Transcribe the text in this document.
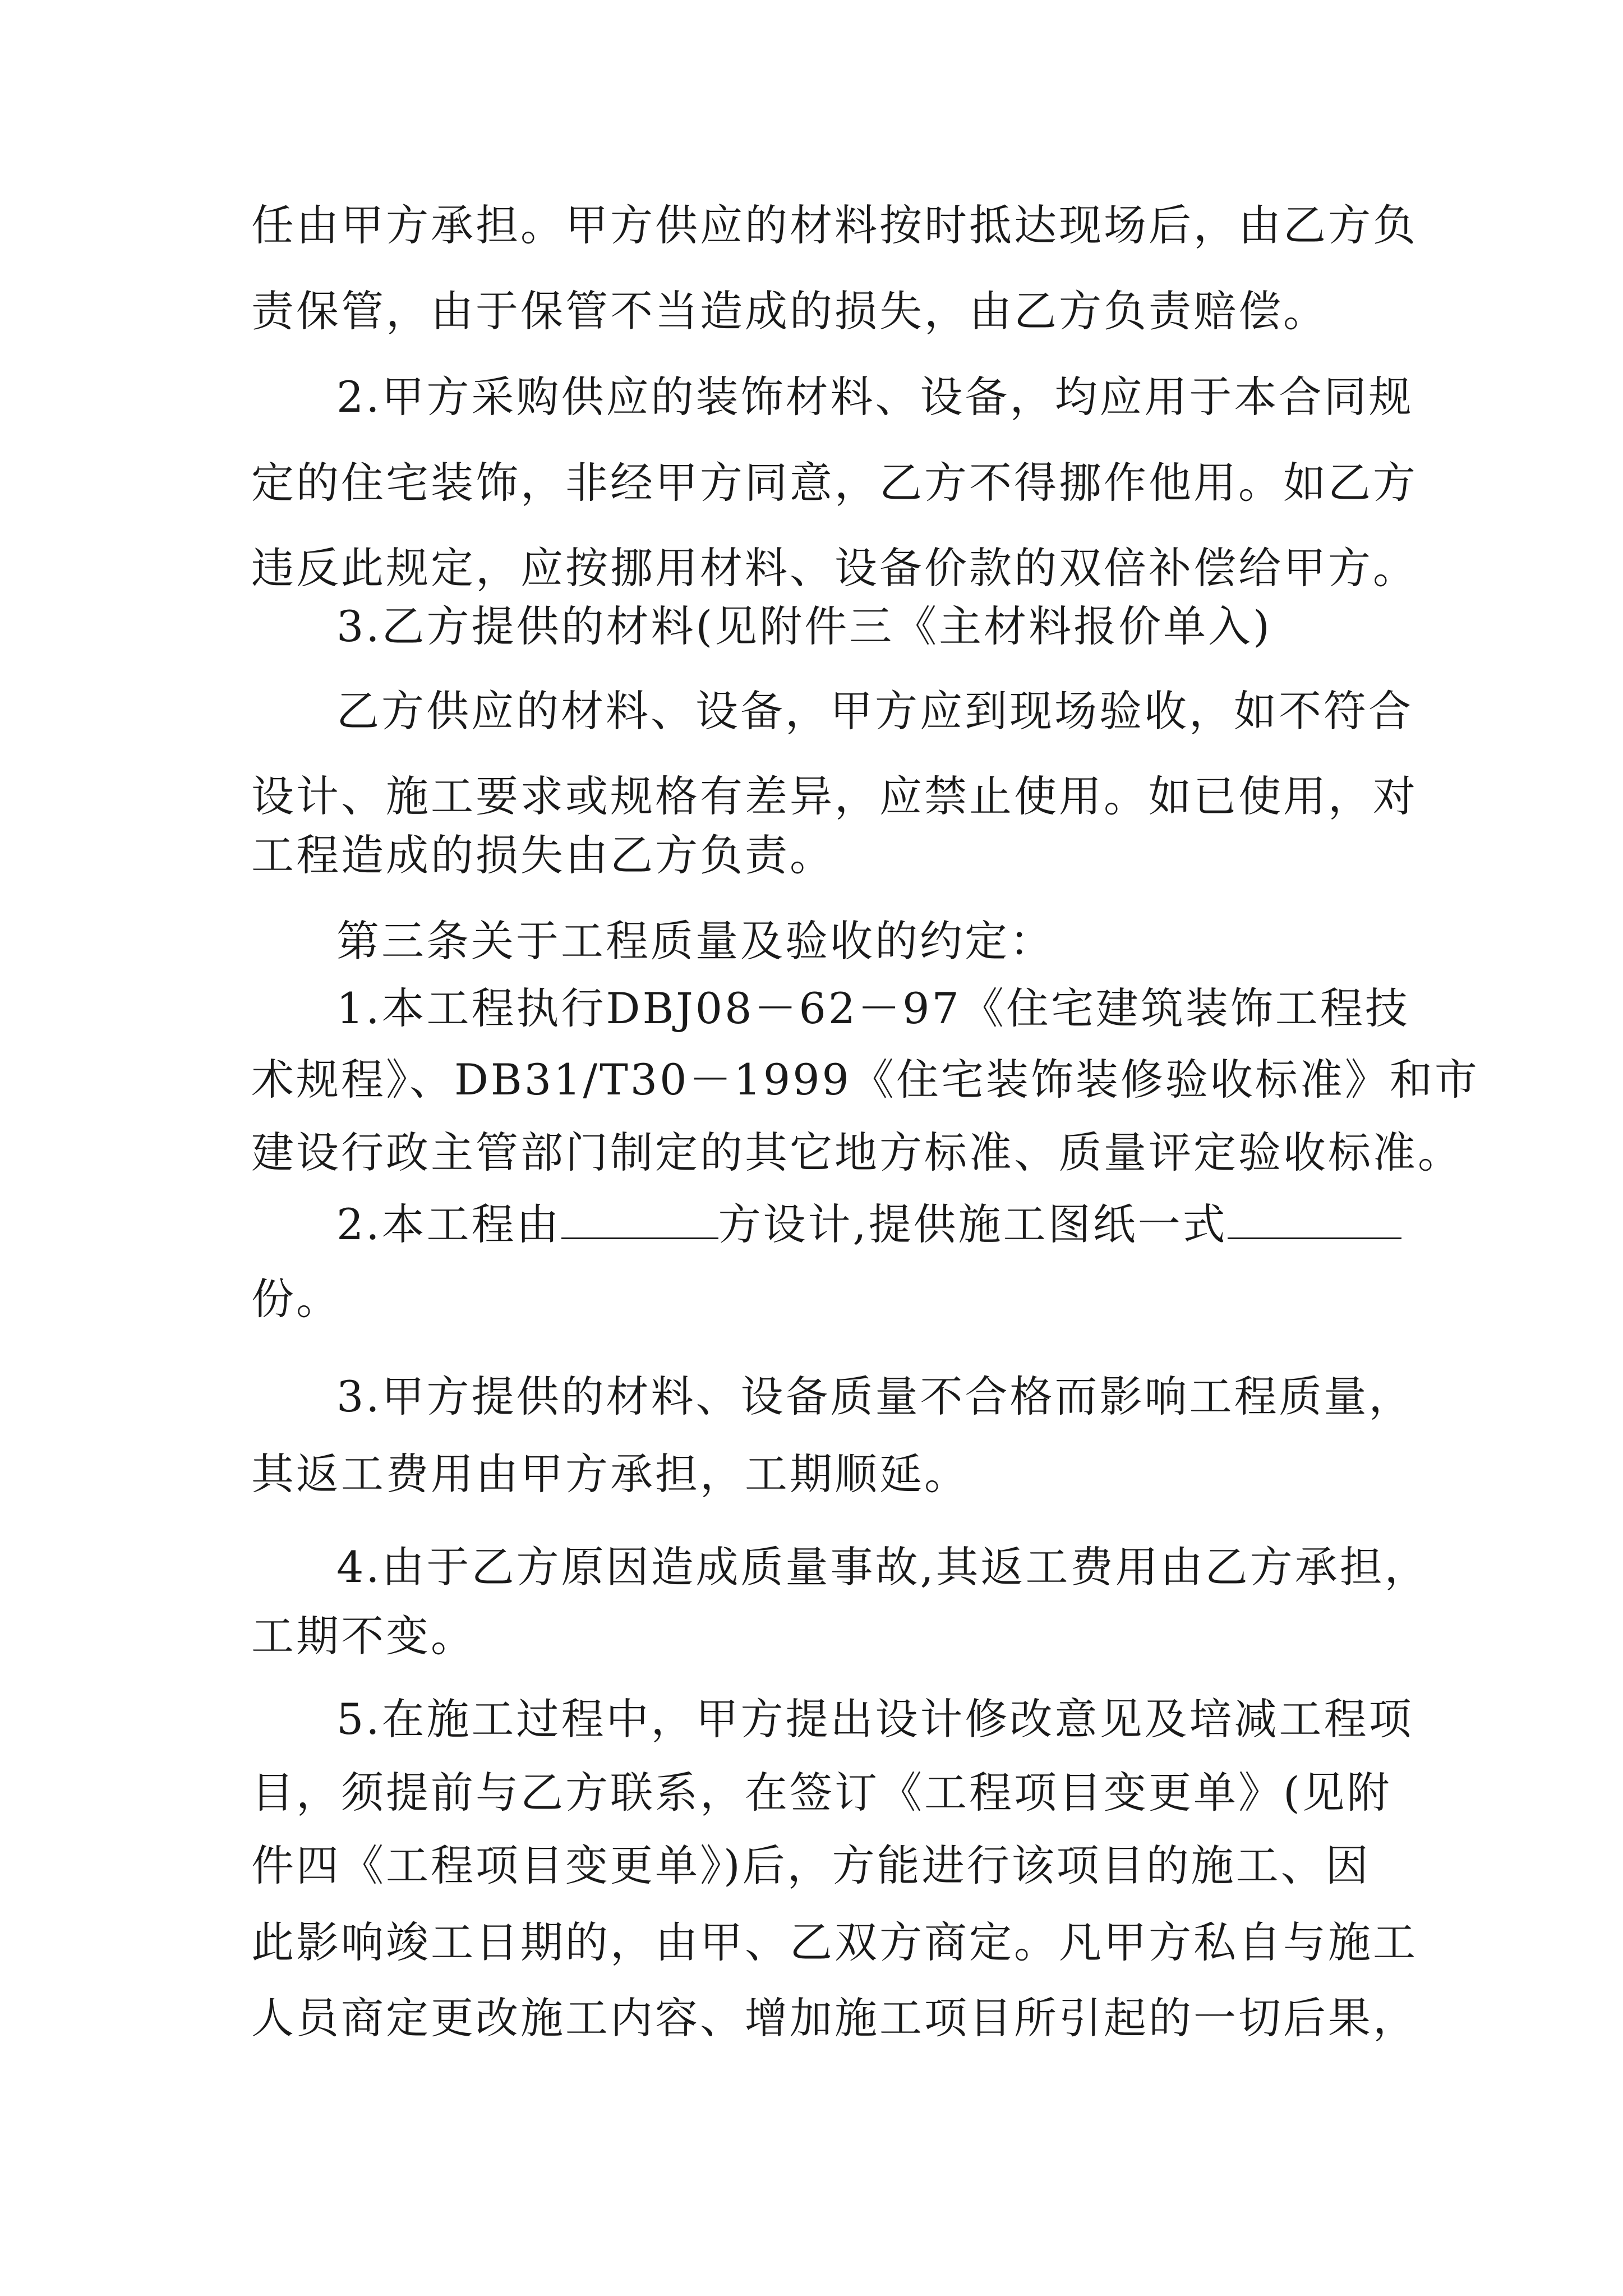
任由甲方承担。甲方供应的材料按时抵达现场后，由乙方负
责保管，由于保管不当造成的损失，由乙方负责赔偿。
2.甲方采购供应的装饰材料、设备，均应用于本合同规
定的住宅装饰，非经甲方同意，乙方不得挪作他用。如乙方
违反此规定，应按挪用材料、设备价款的双倍补偿给甲方。
3.乙方提供的材料(见附件三《主材料报价单入)
乙方供应的材料、设备，甲方应到现场验收，如不符合
设计、施工要求或规格有差异，应禁止使用。如已使用，对
工程造成的损失由乙方负责。
第三条关于工程质量及验收的约定：
1.本工程执行DBJ08－62－97《住宅建筑装饰工程技
术规程》、DB31/T30－1999《住宅装饰装修验收标准》和市
建设行政主管部门制定的其它地方标准、质量评定验收标准。
2.本工程由	方设计,提供施工图纸一式
份。
3.甲方提供的材料、设备质量不合格而影响工程质量，
其返工费用由甲方承担，工期顺延。
4.由于乙方原因造成质量事故,其返工费用由乙方承担，
工期不变。
5.在施工过程中，甲方提出设计修改意见及培减工程项
目，须提前与乙方联系，在签订《工程项目变更单》(见附
件四《工程项目变更单》)后，方能进行该项目的施工、因
此影响竣工日期的，由甲、乙双方商定。凡甲方私自与施工
人员商定更改施工内容、增加施工项目所引起的一切后果，
